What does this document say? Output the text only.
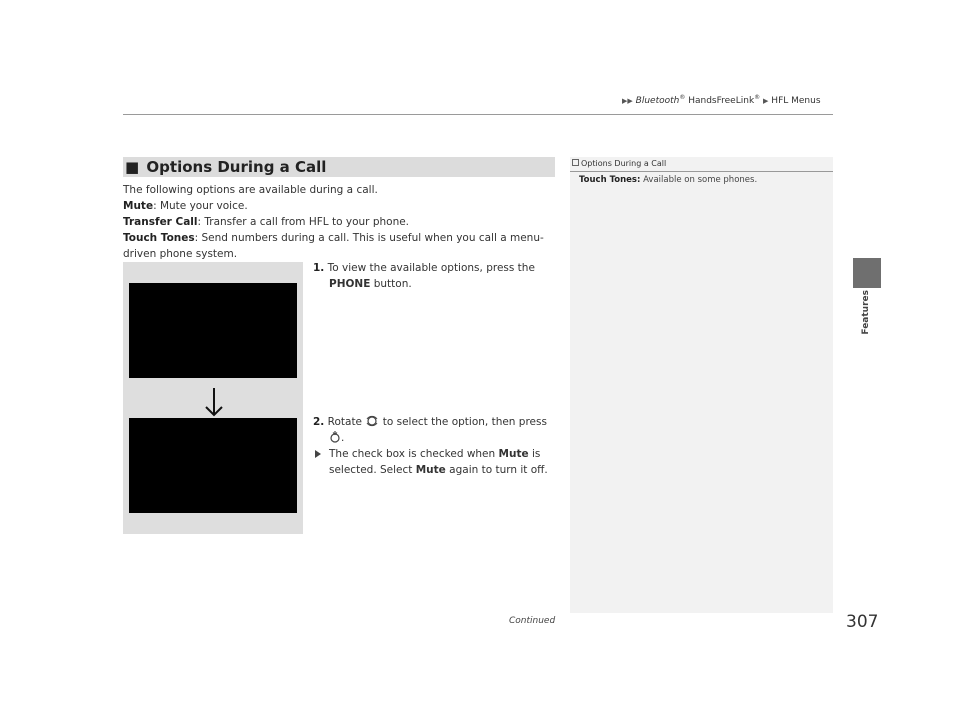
▶▶ Bluetooth® HandsFreeLink® ▶ HFL Menus
Features
■ Options During a Call

The following options are available during a call.

Mute: Mute your voice.

Transfer Call: Transfer a call from HFL to your phone.

Touch Tones: Send numbers during a call. This is useful when you call a menu-

driven phone system.

1. To view the available options, press the
PHONE button.
2. Rotate to select the option, then press
.
The check box is checked when Mute is
selected. Select Mute again to turn it off.
Options During a Call
Touch Tones: Available on some phones.
Continued	307
